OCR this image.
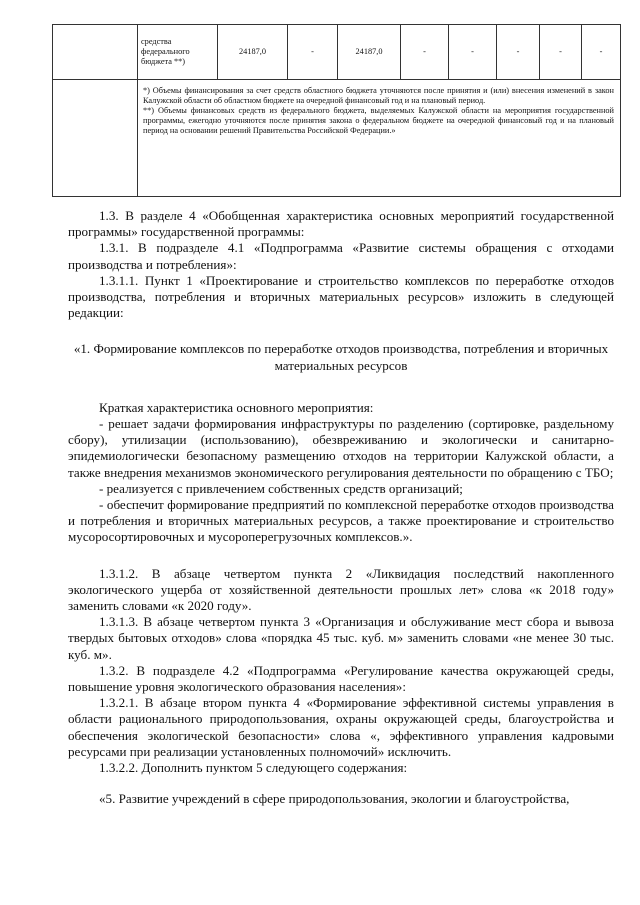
	средства федерального бюджета **)	24187,0	-	24187,0	-	-	-	-	-

	*) Объемы финансирования за счет средств областного бюджета уточняются после принятия и (или) внесения изменений в закон Калужской области об областном бюджете на очередной финансовый год и на плановый период.

**) Объемы финансовых средств из федерального бюджета, выделяемых Калужской области на мероприятия государственной программы, ежегодно уточняются после принятия закона о федеральном бюджете на очередной финансовый год и на плановый период на основании решений Правительства Российской Федерации.»								

1.3. В разделе 4 «Обобщенная характеристика основных мероприятий государственной программы» государственной программы:

1.3.1. В подразделе 4.1 «Подпрограмма «Развитие системы обращения с отходами производства и потребления»:

1.3.1.1. Пункт 1 «Проектирование и строительство комплексов по переработке отходов производства, потребления и вторичных материальных ресурсов» изложить в следующей редакции:

«1. Формирование комплексов по переработке отходов производства, потребления и вторичных материальных ресурсов

Краткая характеристика основного мероприятия:

- решает задачи формирования инфраструктуры по разделению (сортировке, раздельному сбору), утилизации (использованию), обезвреживанию и экологически и санитарно-эпидемиологически безопасному размещению отходов на территории Калужской области, а также внедрения механизмов экономического регулирования деятельности по обращению с ТБО;

- реализуется с привлечением собственных средств организаций;

- обеспечит формирование предприятий по комплексной переработке отходов производства и потребления и вторичных материальных ресурсов, а также проектирование и строительство мусоросортировочных и мусороперегрузочных комплексов.».

1.3.1.2. В абзаце четвертом пункта 2 «Ликвидация последствий накопленного экологического ущерба от хозяйственной деятельности прошлых лет» слова «к 2018 году» заменить словами «к 2020 году».

1.3.1.3. В абзаце четвертом пункта 3 «Организация и обслуживание мест сбора и вывоза твердых бытовых отходов» слова «порядка 45 тыс. куб. м» заменить словами «не менее 30 тыс. куб. м».

1.3.2. В подразделе 4.2 «Подпрограмма «Регулирование качества окружающей среды, повышение уровня экологического образования населения»:

1.3.2.1. В абзаце втором пункта 4 «Формирование эффективной системы управления в области рационального природопользования, охраны окружающей среды, благоустройства и обеспечения экологической безопасности» слова «, эффективного управления кадровыми ресурсами при реализации установленных полномочий» исключить.

1.3.2.2. Дополнить пунктом 5 следующего содержания:

«5. Развитие учреждений в сфере природопользования, экологии и благоустройства,
